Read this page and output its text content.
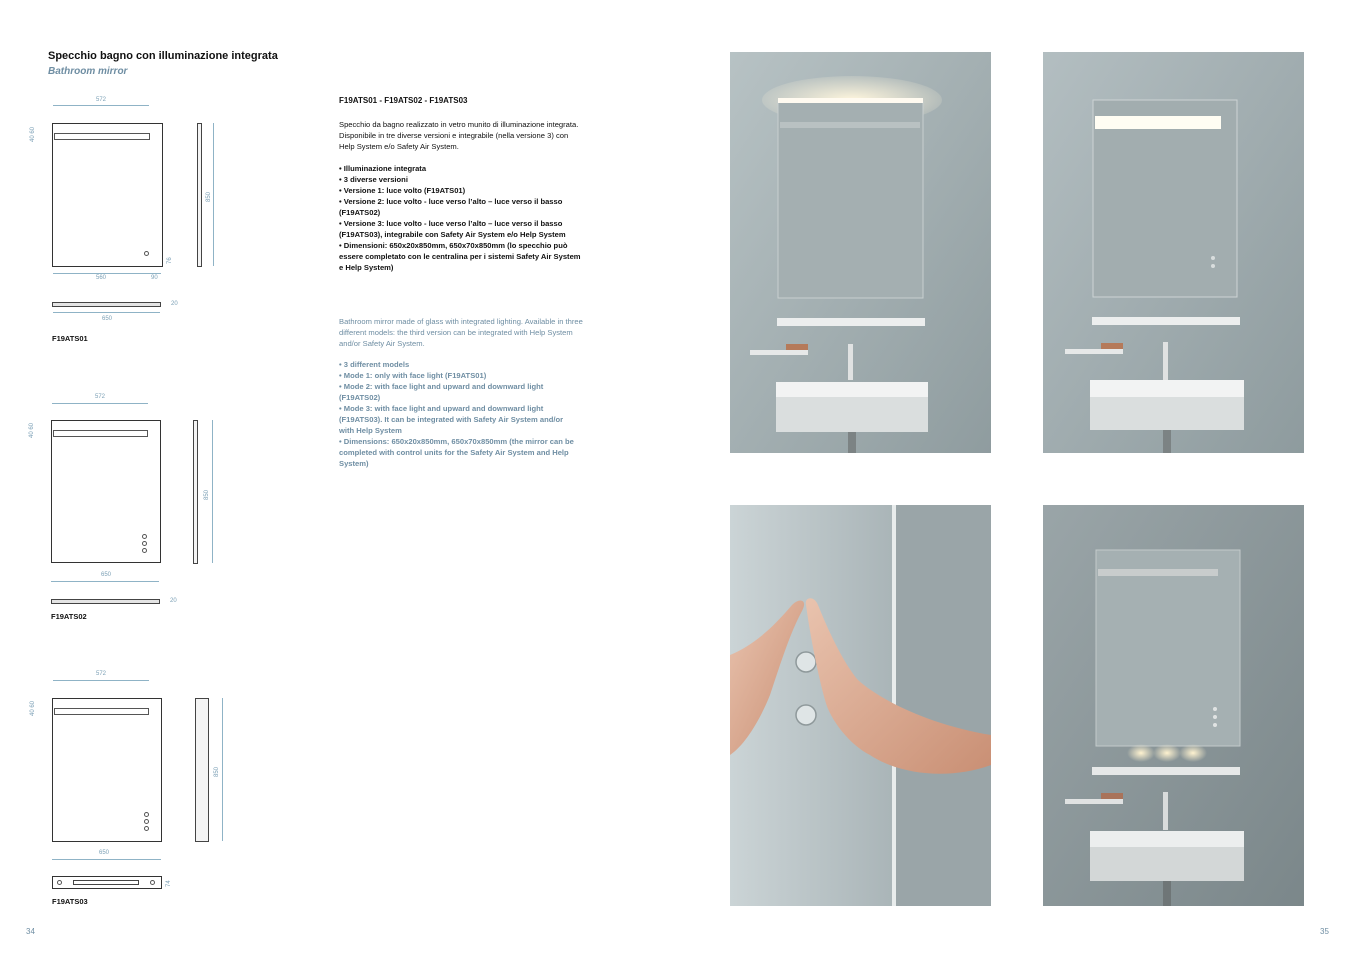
Specchio bagno con illuminazione integrata
Bathroom mirror
F19ATS01 - F19ATS02 - F19ATS03
Specchio da bagno realizzato in vetro munito di illuminazione integrata. Disponibile in tre diverse versioni e integrabile (nella versione 3) con Help System e/o Safety Air System.
• Illuminazione integrata
• 3 diverse versioni
• Versione 1: luce volto (F19ATS01)
• Versione 2: luce volto - luce verso l’alto – luce verso il basso (F19ATS02)
• Versione 3: luce volto - luce verso l’alto – luce verso il basso (F19ATS03), integrabile con Safety Air System e/o Help System
• Dimensioni: 650x20x850mm, 650x70x850mm (lo specchio può essere completato con le centralina per i sistemi Safety Air System e Help System)
Bathroom mirror made of glass with integrated lighting. Available in three different models: the third version can be integrated with Help System and/or Safety Air System.
• 3 different models
• Mode 1: only with face light (F19ATS01)
• Mode 2: with face light and upward and downward light (F19ATS02)
• Mode 3: with face light and upward and downward light (F19ATS03). It can be integrated with Safety Air System and/or with Help System
• Dimensions: 650x20x850mm, 650x70x850mm (the mirror can be completed with control units for the Safety Air System and Help System)
572
40 60
850
76
560	90
20
650
F19ATS01
572
40 60
850
650
20
F19ATS02
572
40 60
850
650
74
F19ATS03
34	35
